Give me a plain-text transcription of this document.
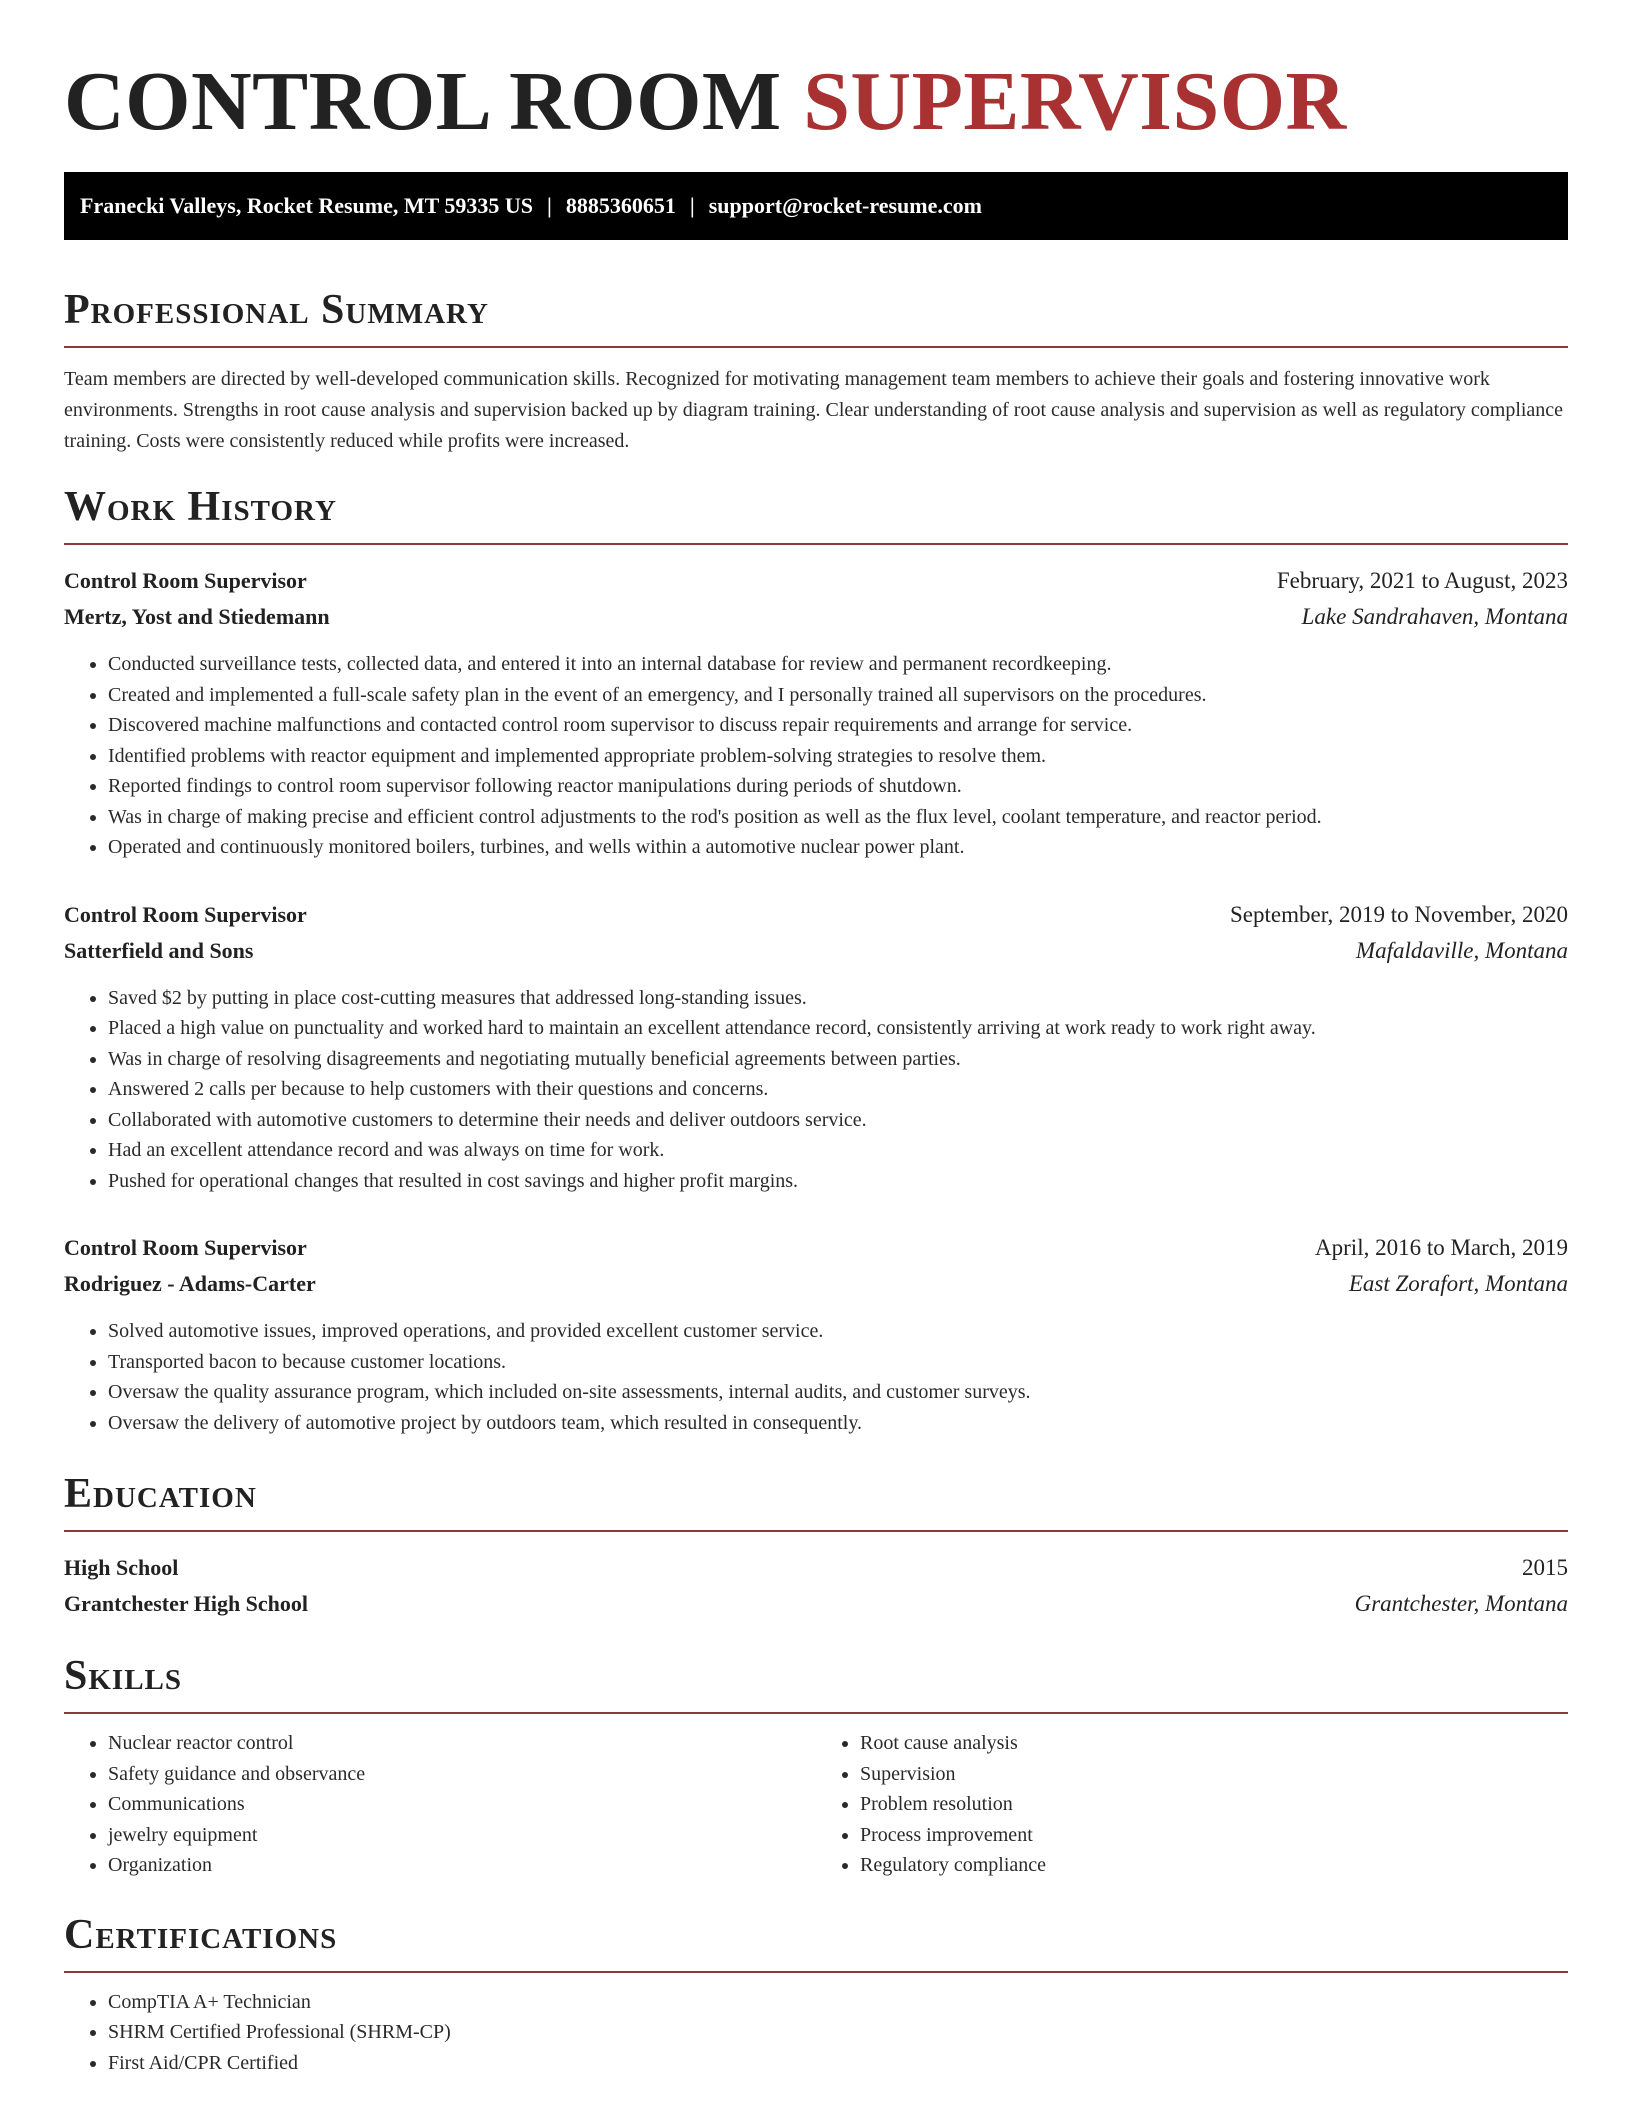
CONTROL ROOM SUPERVISOR
Franecki Valleys, Rocket Resume, MT 59335 US | 8885360651 | support@rocket-resume.com
Professional Summary

Team members are directed by well-developed communication skills. Recognized for motivating management team members to achieve their goals and fostering innovative work environments. Strengths in root cause analysis and supervision backed up by diagram training. Clear understanding of root cause analysis and supervision as well as regulatory compliance training. Costs were consistently reduced while profits were increased.

Work History
Control Room Supervisor	February, 2021 to August, 2023
Mertz, Yost and Stiedemann	Lake Sandrahaven, Montana
• Conducted surveillance tests, collected data, and entered it into an internal database for review and permanent recordkeeping.
• Created and implemented a full-scale safety plan in the event of an emergency, and I personally trained all supervisors on the procedures.
• Discovered machine malfunctions and contacted control room supervisor to discuss repair requirements and arrange for service.
• Identified problems with reactor equipment and implemented appropriate problem-solving strategies to resolve them.
• Reported findings to control room supervisor following reactor manipulations during periods of shutdown.
• Was in charge of making precise and efficient control adjustments to the rod's position as well as the flux level, coolant temperature, and reactor period.
• Operated and continuously monitored boilers, turbines, and wells within a automotive nuclear power plant.
Control Room Supervisor	September, 2019 to November, 2020
Satterfield and Sons	Mafaldaville, Montana
• Saved $2 by putting in place cost-cutting measures that addressed long-standing issues.
• Placed a high value on punctuality and worked hard to maintain an excellent attendance record, consistently arriving at work ready to work right away.
• Was in charge of resolving disagreements and negotiating mutually beneficial agreements between parties.
• Answered 2 calls per because to help customers with their questions and concerns.
• Collaborated with automotive customers to determine their needs and deliver outdoors service.
• Had an excellent attendance record and was always on time for work.
• Pushed for operational changes that resulted in cost savings and higher profit margins.
Control Room Supervisor	April, 2016 to March, 2019
Rodriguez - Adams-Carter	East Zorafort, Montana
• Solved automotive issues, improved operations, and provided excellent customer service.
• Transported bacon to because customer locations.
• Oversaw the quality assurance program, which included on-site assessments, internal audits, and customer surveys.
• Oversaw the delivery of automotive project by outdoors team, which resulted in consequently.
Education
High School	2015
Grantchester High School	Grantchester, Montana
Skills
• Nuclear reactor control
• Safety guidance and observance
• Communications
• jewelry equipment
• Organization
• Root cause analysis
• Supervision
• Problem resolution
• Process improvement
• Regulatory compliance
Certifications
• CompTIA A+ Technician
• SHRM Certified Professional (SHRM-CP)
• First Aid/CPR Certified
